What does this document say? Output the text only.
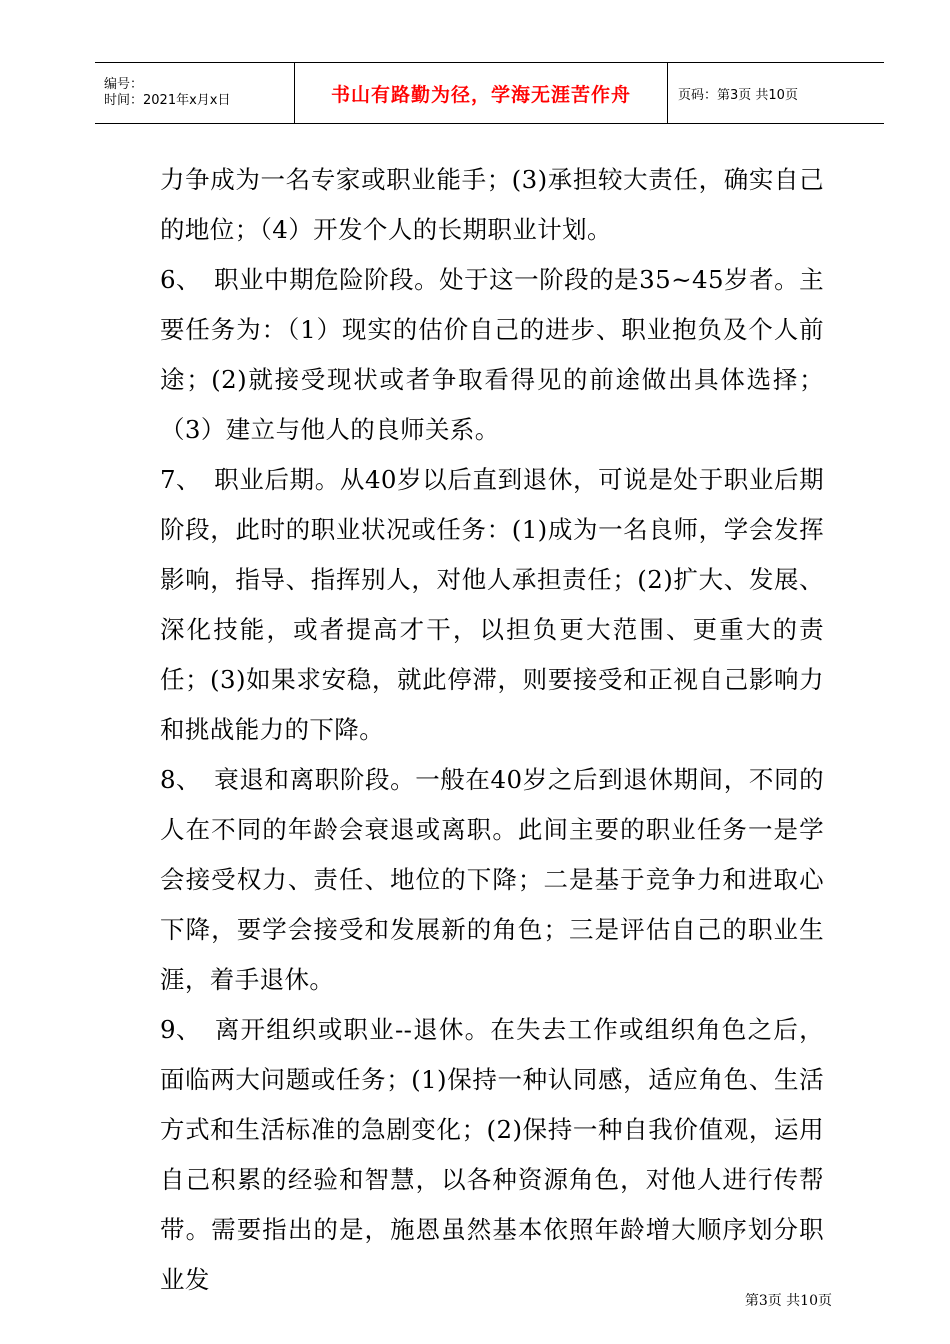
编号：
时间：2021年x月x日	书山有路勤为径，学海无涯苦作舟	页码：第3页 共10页

力争成为一名专家或职业能手；(3)承担较大责任，确实自己的地位；（4）开发个人的长期职业计划。

6、 职业中期危险阶段。处于这一阶段的是35~45岁者。主要任务为：（1）现实的估价自己的进步、职业抱负及个人前途；(2)就接受现状或者争取看得见的前途做出具体选择；（3）建立与他人的良师关系。

7、 职业后期。从40岁以后直到退休，可说是处于职业后期阶段，此时的职业状况或任务：(1)成为一名良师，学会发挥影响，指导、指挥别人，对他人承担责任；(2)扩大、发展、深化技能，或者提高才干，以担负更大范围、更重大的责任；(3)如果求安稳，就此停滞，则要接受和正视自己影响力和挑战能力的下降。

8、 衰退和离职阶段。一般在40岁之后到退休期间，不同的人在不同的年龄会衰退或离职。此间主要的职业任务一是学会接受权力、责任、地位的下降；二是基于竞争力和进取心下降，要学会接受和发展新的角色；三是评估自己的职业生涯，着手退休。

9、 离开组织或职业--退休。在失去工作或组织角色之后，面临两大问题或任务；(1)保持一种认同感，适应角色、生活方式和生活标准的急剧变化；(2)保持一种自我价值观，运用自己积累的经验和智慧，以各种资源角色，对他人进行传帮带。需要指出的是，施恩虽然基本依照年龄增大顺序划分职业发

第3页 共10页
